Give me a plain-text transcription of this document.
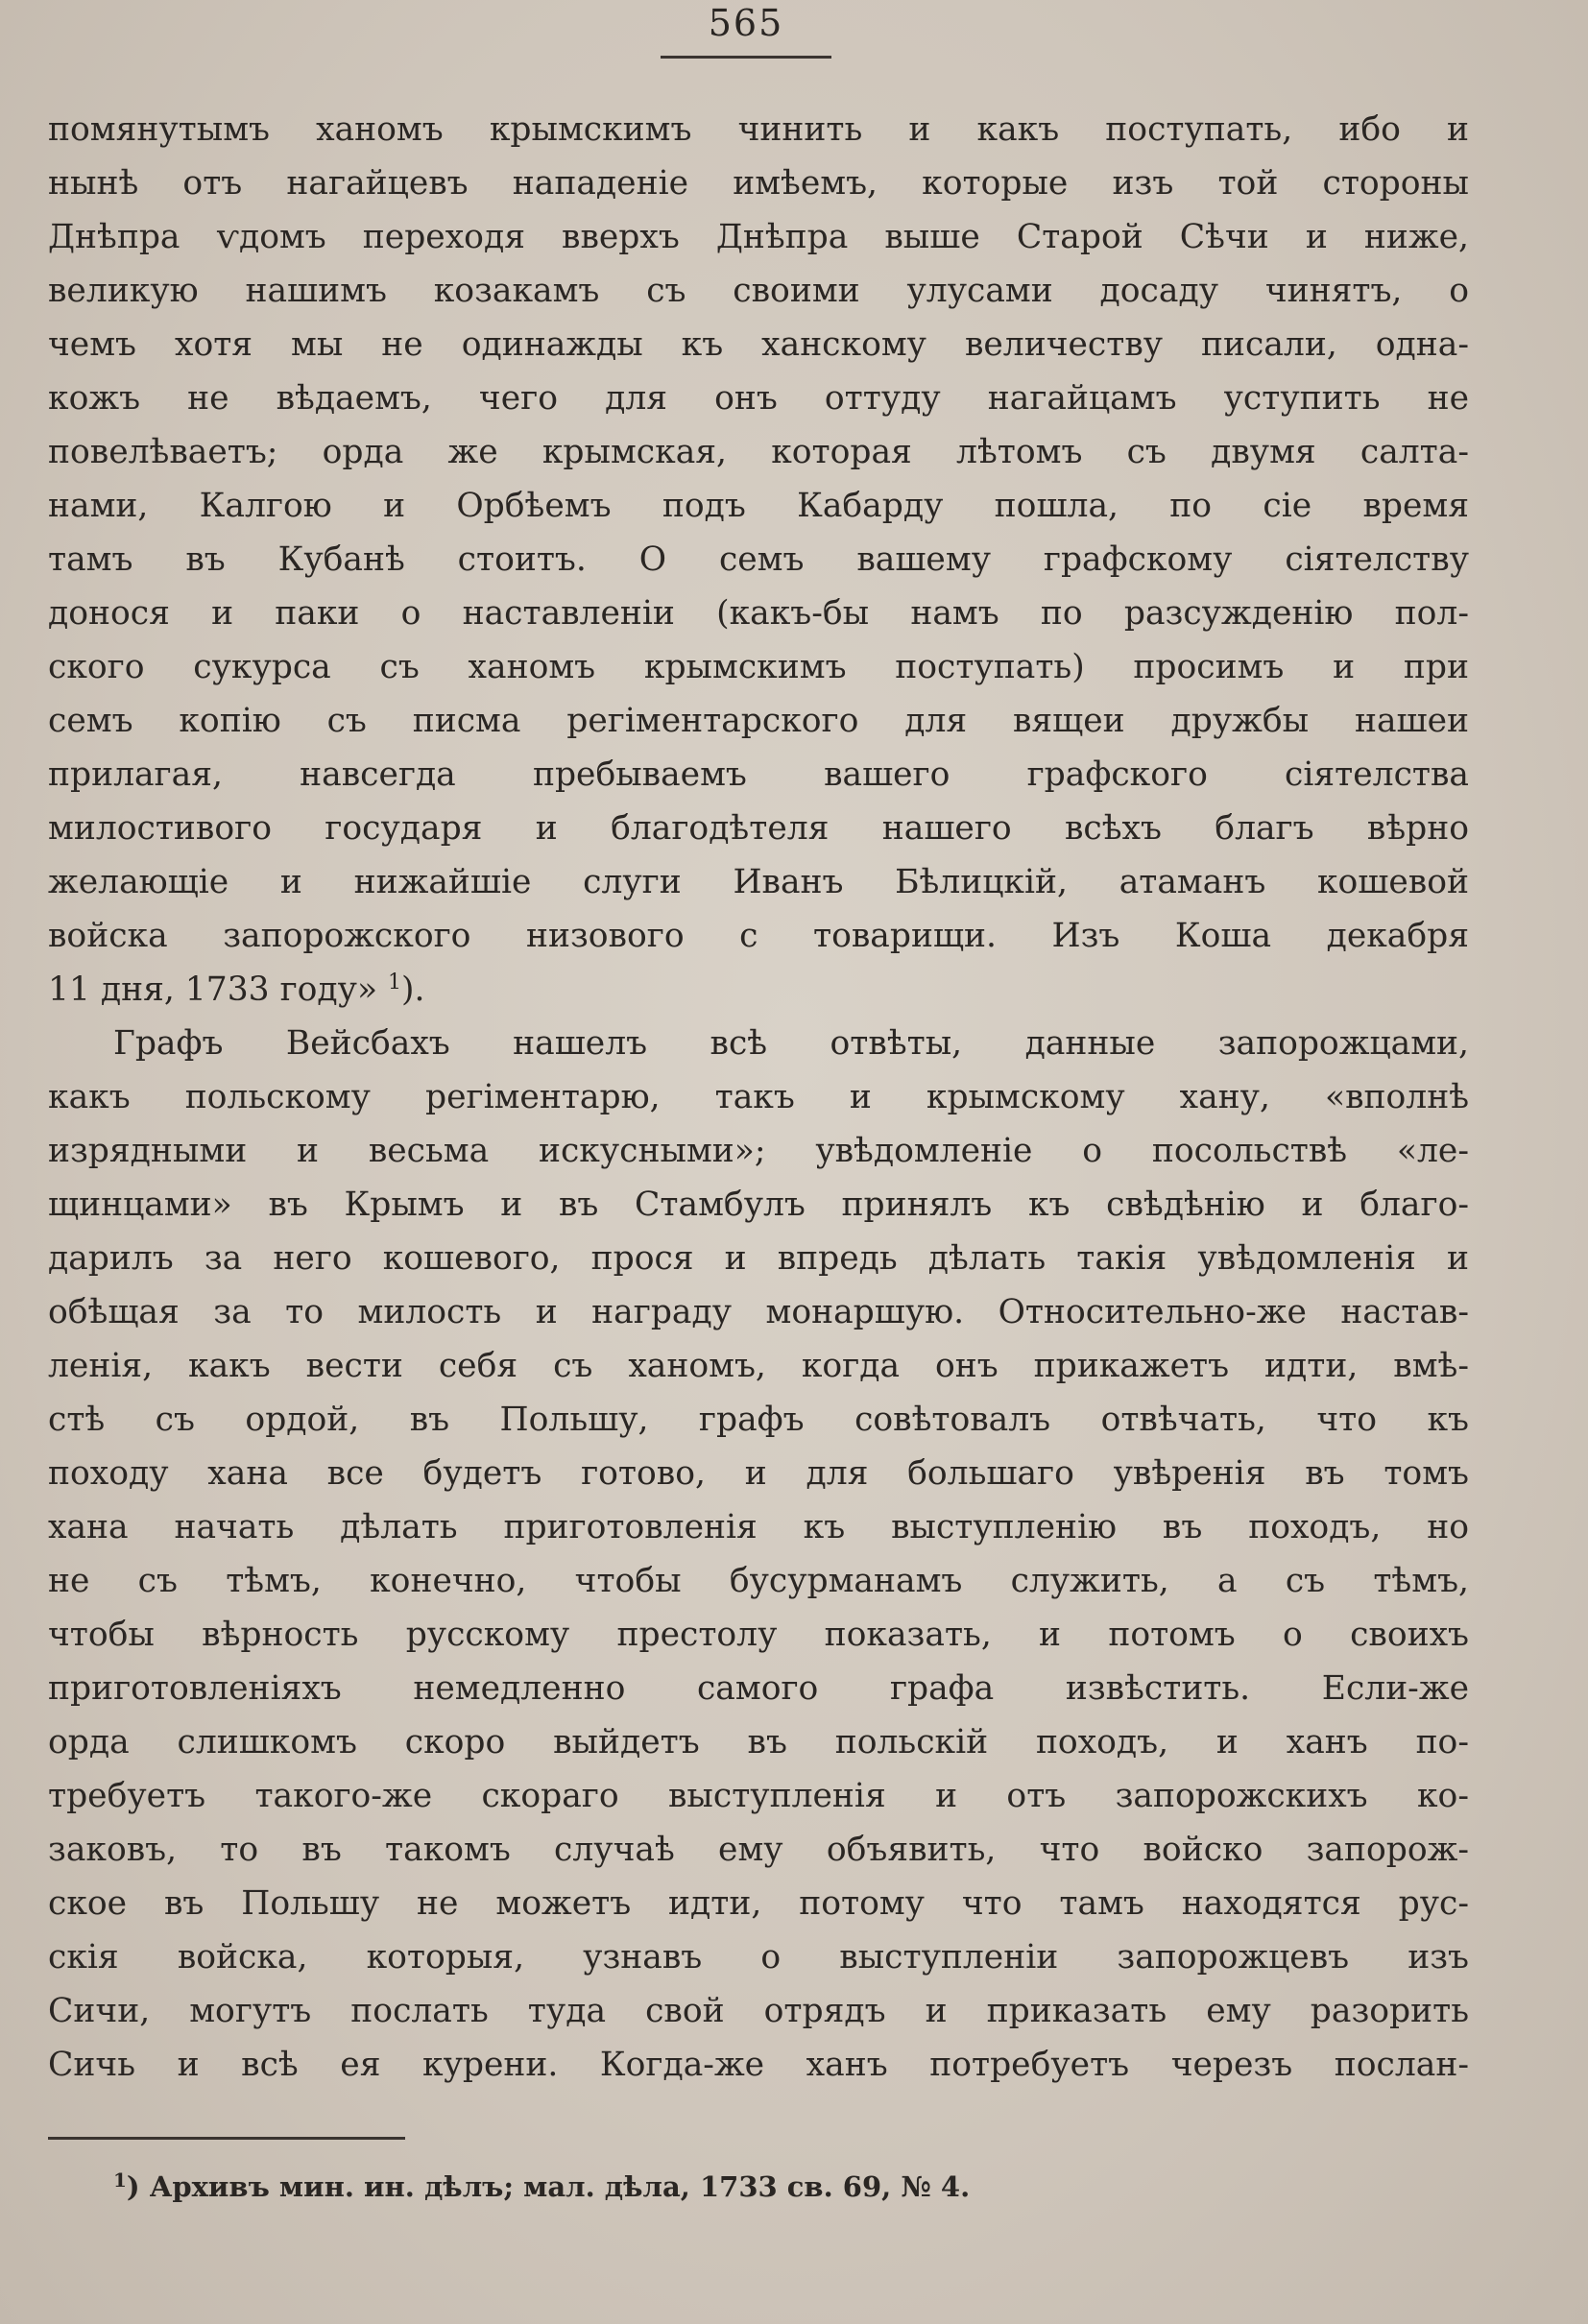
565
помянутымъ ханомъ крымскимъ чинить и какъ поступать, ибо и
нынѣ отъ нагайцевъ нападеніе имѣемъ, которые изъ той стороны
Днѣпра ѵдомъ переходя вверхъ Днѣпра выше Старой Сѣчи и ниже,
великую нашимъ козакамъ съ своими улусами досаду чинятъ, о
чемъ хотя мы не одинажды къ ханскому величеству писали, одна-
кожъ не вѣдаемъ, чего для онъ оттуду нагайцамъ уступить не
повелѣваетъ; орда же крымская, которая лѣтомъ съ двумя салта-
нами, Калгою и Орбѣемъ подъ Кабарду пошла, по сіе время
тамъ въ Кубанѣ стоитъ. О семъ вашему графскому сіятелству
донося и паки о наставленіи (какъ-бы намъ по разсужденію пол-
ского сукурса съ ханомъ крымскимъ поступать) просимъ и при
семъ копію съ писма регіментарского для вящеи дружбы нашеи
прилагая, навсегда пребываемъ вашего графского сіятелства
милостивого государя и благодѣтеля нашего всѣхъ благъ вѣрно
желающіе и нижайшіе слуги Иванъ Бѣлицкій, атаманъ кошевой
войска запорожского низового с товарищи. Изъ Коша декабря
11 дня, 1733 году» $^1$).
Графъ Вейсбахъ нашелъ всѣ отвѣты, данные запорожцами,
какъ польскому регіментарю, такъ и крымскому хану, «вполнѣ
изрядными и весьма искусными»; увѣдомленіе о посольствѣ «ле-
щинцами» въ Крымъ и въ Стамбулъ принялъ къ свѣдѣнію и благо-
дарилъ за него кошевого, прося и впредь дѣлать такія увѣдомленія и
обѣщая за то милость и награду монаршую. Относительно-же настав-
ленія, какъ вести себя съ ханомъ, когда онъ прикажетъ идти, вмѣ-
стѣ съ ордой, въ Польшу, графъ совѣтовалъ отвѣчать, что къ
походу хана все будетъ готово, и для большаго увѣренія въ томъ
хана начать дѣлать приготовленія къ выступленію въ походъ, но
не съ тѣмъ, конечно, чтобы бусурманамъ служить, а съ тѣмъ,
чтобы вѣрность русскому престолу показать, и потомъ о своихъ
приготовленіяхъ немедленно самого графа извѣстить. Если-же
орда слишкомъ скоро выйдетъ въ польскій походъ, и ханъ по-
требуетъ такого-же скораго выступленія и отъ запорожскихъ ко-
заковъ, то въ такомъ случаѣ ему объявить, что войско запорож-
ское въ Польшу не можетъ идти, потому что тамъ находятся рус-
скія войска, которыя, узнавъ о выступленіи запорожцевъ изъ
Сичи, могутъ послать туда свой отрядъ и приказать ему разорить
Сичь и всѣ ея курени. Когда-же ханъ потребуетъ черезъ послан-
$^1$) Архивъ мин. ин. дѣлъ; мал. дѣла, 1733 св. 69, № 4.
